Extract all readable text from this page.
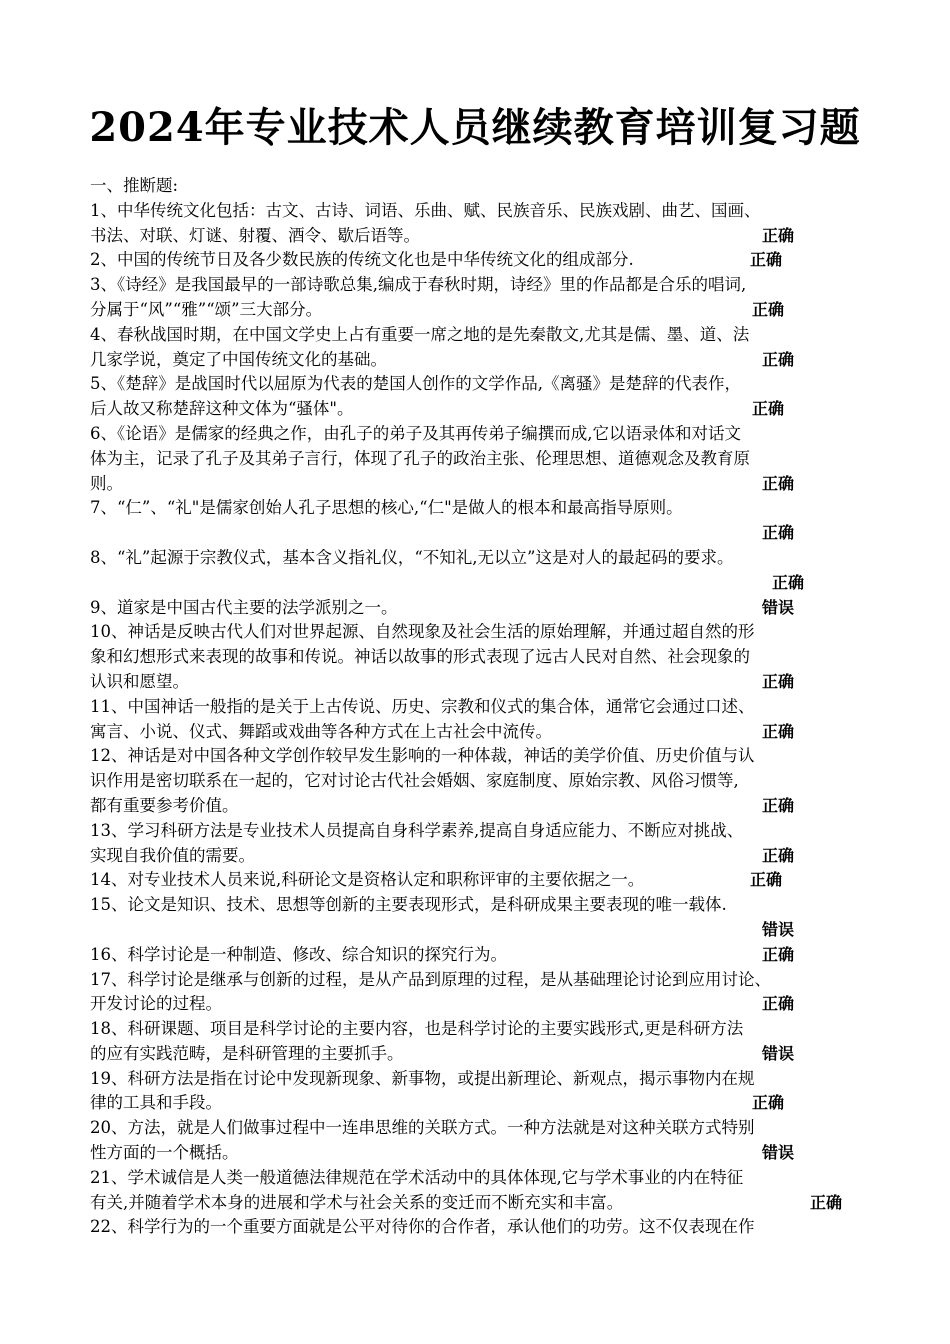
2024年专业技术人员继续教育培训复习题
一、推断题:
1、中华传统文化包括：古文、古诗、词语、乐曲、赋、民族音乐、民族戏剧、曲艺、国画、
书法、对联、灯谜、射覆、酒令、歇后语等。	正确
2、中国的传统节日及各少数民族的传统文化也是中华传统文化的组成部分.	正确
3、《诗经》是我国最早的一部诗歌总集,编成于春秋时期，诗经》里的作品都是合乐的唱词,
分属于“风”“雅”“颂”三大部分。	正确
4、春秋战国时期，在中国文学史上占有重要一席之地的是先秦散文,尤其是儒、墨、道、法
几家学说，奠定了中国传统文化的基础。	正确
5、《楚辞》是战国时代以屈原为代表的楚国人创作的文学作品,《离骚》是楚辞的代表作，
后人故又称楚辞这种文体为“骚体"。	正确
6、《论语》是儒家的经典之作，由孔子的弟子及其再传弟子编撰而成,它以语录体和对话文
体为主，记录了孔子及其弟子言行，体现了孔子的政治主张、伦理思想、道德观念及教育原
则。	正确
7、“仁”、“礼"是儒家创始人孔子思想的核心,“仁"是做人的根本和最高指导原则。
正确
8、“礼”起源于宗教仪式，基本含义指礼仪，“不知礼,无以立”这是对人的最起码的要求。
正确
9、道家是中国古代主要的法学派别之一。	错误
10、神话是反映古代人们对世界起源、自然现象及社会生活的原始理解，并通过超自然的形
象和幻想形式来表现的故事和传说。神话以故事的形式表现了远古人民对自然、社会现象的
认识和愿望。	正确
11、中国神话一般指的是关于上古传说、历史、宗教和仪式的集合体，通常它会通过口述、
寓言、小说、仪式、舞蹈或戏曲等各种方式在上古社会中流传。	正确
12、神话是对中国各种文学创作较早发生影响的一种体裁，神话的美学价值、历史价值与认
识作用是密切联系在一起的，它对讨论古代社会婚姻、家庭制度、原始宗教、风俗习惯等,
都有重要参考价值。	正确
13、学习科研方法是专业技术人员提高自身科学素养,提高自身适应能力、不断应对挑战、
实现自我价值的需要。	正确
14、对专业技术人员来说,科研论文是资格认定和职称评审的主要依据之一。	正确
15、论文是知识、技术、思想等创新的主要表现形式，是科研成果主要表现的唯一载体.
错误
16、科学讨论是一种制造、修改、综合知识的探究行为。	正确
17、科学讨论是继承与创新的过程，是从产品到原理的过程，是从基础理论讨论到应用讨论、
开发讨论的过程。	正确
18、科研课题、项目是科学讨论的主要内容，也是科学讨论的主要实践形式,更是科研方法
的应有实践范畴，是科研管理的主要抓手。	错误
19、科研方法是指在讨论中发现新现象、新事物，或提出新理论、新观点，揭示事物内在规
律的工具和手段。	正确
20、方法，就是人们做事过程中一连串思维的关联方式。一种方法就是对这种关联方式特别
性方面的一个概括。	错误
21、学术诚信是人类一般道德法律规范在学术活动中的具体体现,它与学术事业的内在特征
有关,并随着学术本身的进展和学术与社会关系的变迁而不断充实和丰富。	正确
22、科学行为的一个重要方面就是公平对待你的合作者，承认他们的功劳。这不仅表现在作
